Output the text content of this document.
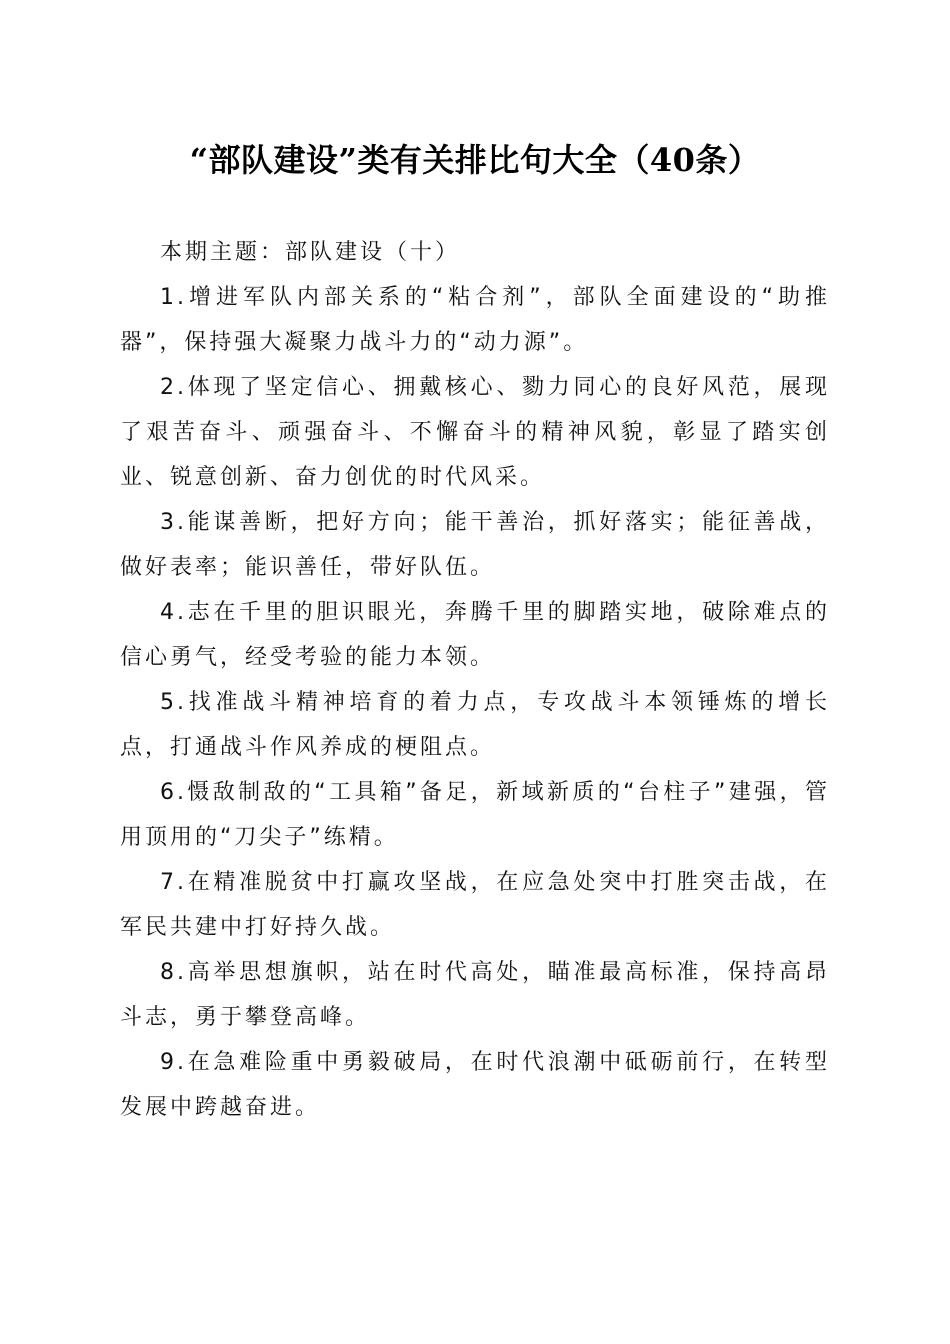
“部队建设”类有关排比句大全（40条）

本期主题：部队建设（十）

1.增进军队内部关系的“粘合剂”，部队全面建设的“助推器”，保持强大凝聚力战斗力的“动力源”。

2.体现了坚定信心、拥戴核心、勠力同心的良好风范，展现了艰苦奋斗、顽强奋斗、不懈奋斗的精神风貌，彰显了踏实创业、锐意创新、奋力创优的时代风采。

3.能谋善断，把好方向；能干善治，抓好落实；能征善战，做好表率；能识善任，带好队伍。

4.志在千里的胆识眼光，奔腾千里的脚踏实地，破除难点的信心勇气，经受考验的能力本领。

5.找准战斗精神培育的着力点，专攻战斗本领锤炼的增长点，打通战斗作风养成的梗阻点。

6.慑敌制敌的“工具箱”备足，新域新质的“台柱子”建强，管用顶用的“刀尖子”练精。

7.在精准脱贫中打赢攻坚战，在应急处突中打胜突击战，在军民共建中打好持久战。

8.高举思想旗帜，站在时代高处，瞄准最高标准，保持高昂斗志，勇于攀登高峰。

9.在急难险重中勇毅破局，在时代浪潮中砥砺前行，在转型发展中跨越奋进。
